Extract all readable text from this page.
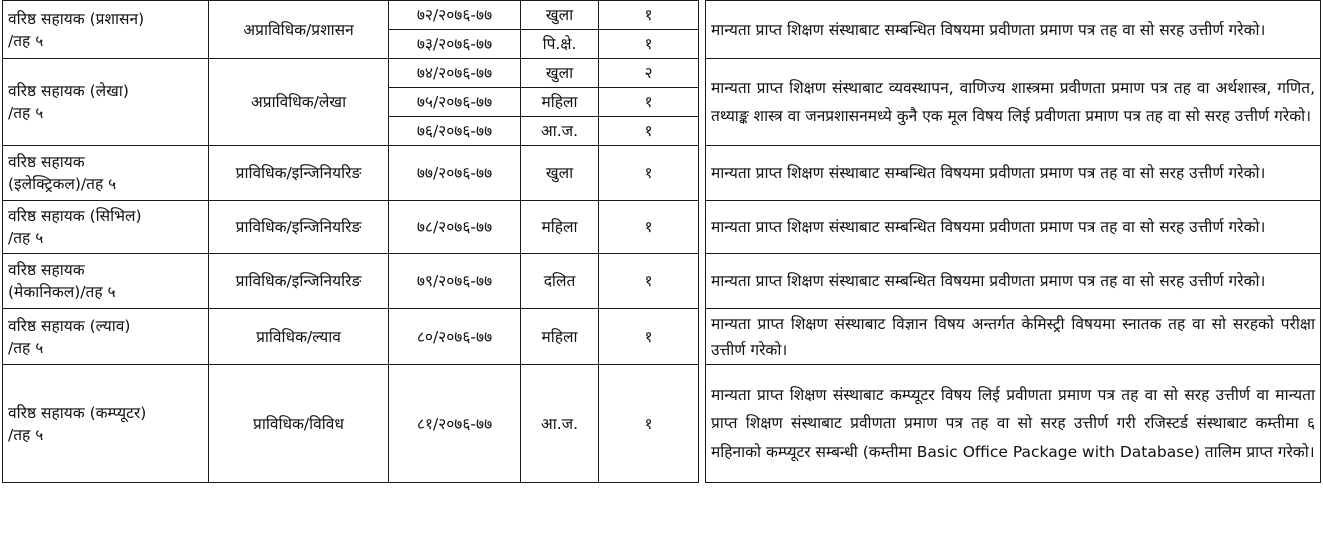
वरिष्ठ सहायक (प्रशासन)
/तह ५	अप्राविधिक/प्रशासन	७२/२०७६-७७	खुला	१		मान्यता प्राप्त शिक्षण संस्थाबाट सम्बन्धित विषयमा प्रवीणता प्रमाण पत्र तह वा सो सरह उत्तीर्ण गरेको।
		७३/२०७६-७७	पि.क्षे.	१		
वरिष्ठ सहायक (लेखा)
/तह ५	अप्राविधिक/लेखा	७४/२०७६-७७	खुला	२		मान्यता प्राप्त शिक्षण संस्थाबाट व्यवस्थापन, वाणिज्य शास्त्रमा प्रवीणता प्रमाण पत्र तह वा अर्थशास्त्र, गणित, तथ्याङ्क शास्त्र वा जनप्रशासनमध्ये कुनै एक मूल विषय लिई प्रवीणता प्रमाण पत्र तह वा सो सरह उत्तीर्ण गरेको।
		७५/२०७६-७७	महिला	१		
		७६/२०७६-७७	आ.ज.	१		
वरिष्ठ सहायक
(इलेक्ट्रिकल)/तह ५	प्राविधिक/इन्जिनियरिङ	७७/२०७६-७७	खुला	१		मान्यता प्राप्त शिक्षण संस्थाबाट सम्बन्धित विषयमा प्रवीणता प्रमाण पत्र तह वा सो सरह उत्तीर्ण गरेको।
वरिष्ठ सहायक (सिभिल)
/तह ५	प्राविधिक/इन्जिनियरिङ	७८/२०७६-७७	महिला	१		मान्यता प्राप्त शिक्षण संस्थाबाट सम्बन्धित विषयमा प्रवीणता प्रमाण पत्र तह वा सो सरह उत्तीर्ण गरेको।
वरिष्ठ सहायक
(मेकानिकल)/तह ५	प्राविधिक/इन्जिनियरिङ	७९/२०७६-७७	दलित	१		मान्यता प्राप्त शिक्षण संस्थाबाट सम्बन्धित विषयमा प्रवीणता प्रमाण पत्र तह वा सो सरह उत्तीर्ण गरेको।
वरिष्ठ सहायक (ल्याव)
/तह ५	प्राविधिक/ल्याव	८०/२०७६-७७	महिला	१		मान्यता प्राप्त शिक्षण संस्थाबाट विज्ञान विषय अन्तर्गत केमिस्ट्री विषयमा स्नातक तह वा सो सरहको परीक्षा उत्तीर्ण गरेको।
वरिष्ठ सहायक (कम्प्यूटर)
/तह ५	प्राविधिक/विविध	८१/२०७६-७७	आ.ज.	१		मान्यता प्राप्त शिक्षण संस्थाबाट कम्प्यूटर विषय लिई प्रवीणता प्रमाण पत्र तह वा सो सरह उत्तीर्ण वा मान्यता प्राप्त शिक्षण संस्थाबाट प्रवीणता प्रमाण पत्र तह वा सो सरह उत्तीर्ण गरी रजिस्टर्ड संस्थाबाट कम्तीमा ६ महिनाको कम्प्यूटर सम्बन्धी (कम्तीमा Basic Office Package with Database) तालिम प्राप्त गरेको।
